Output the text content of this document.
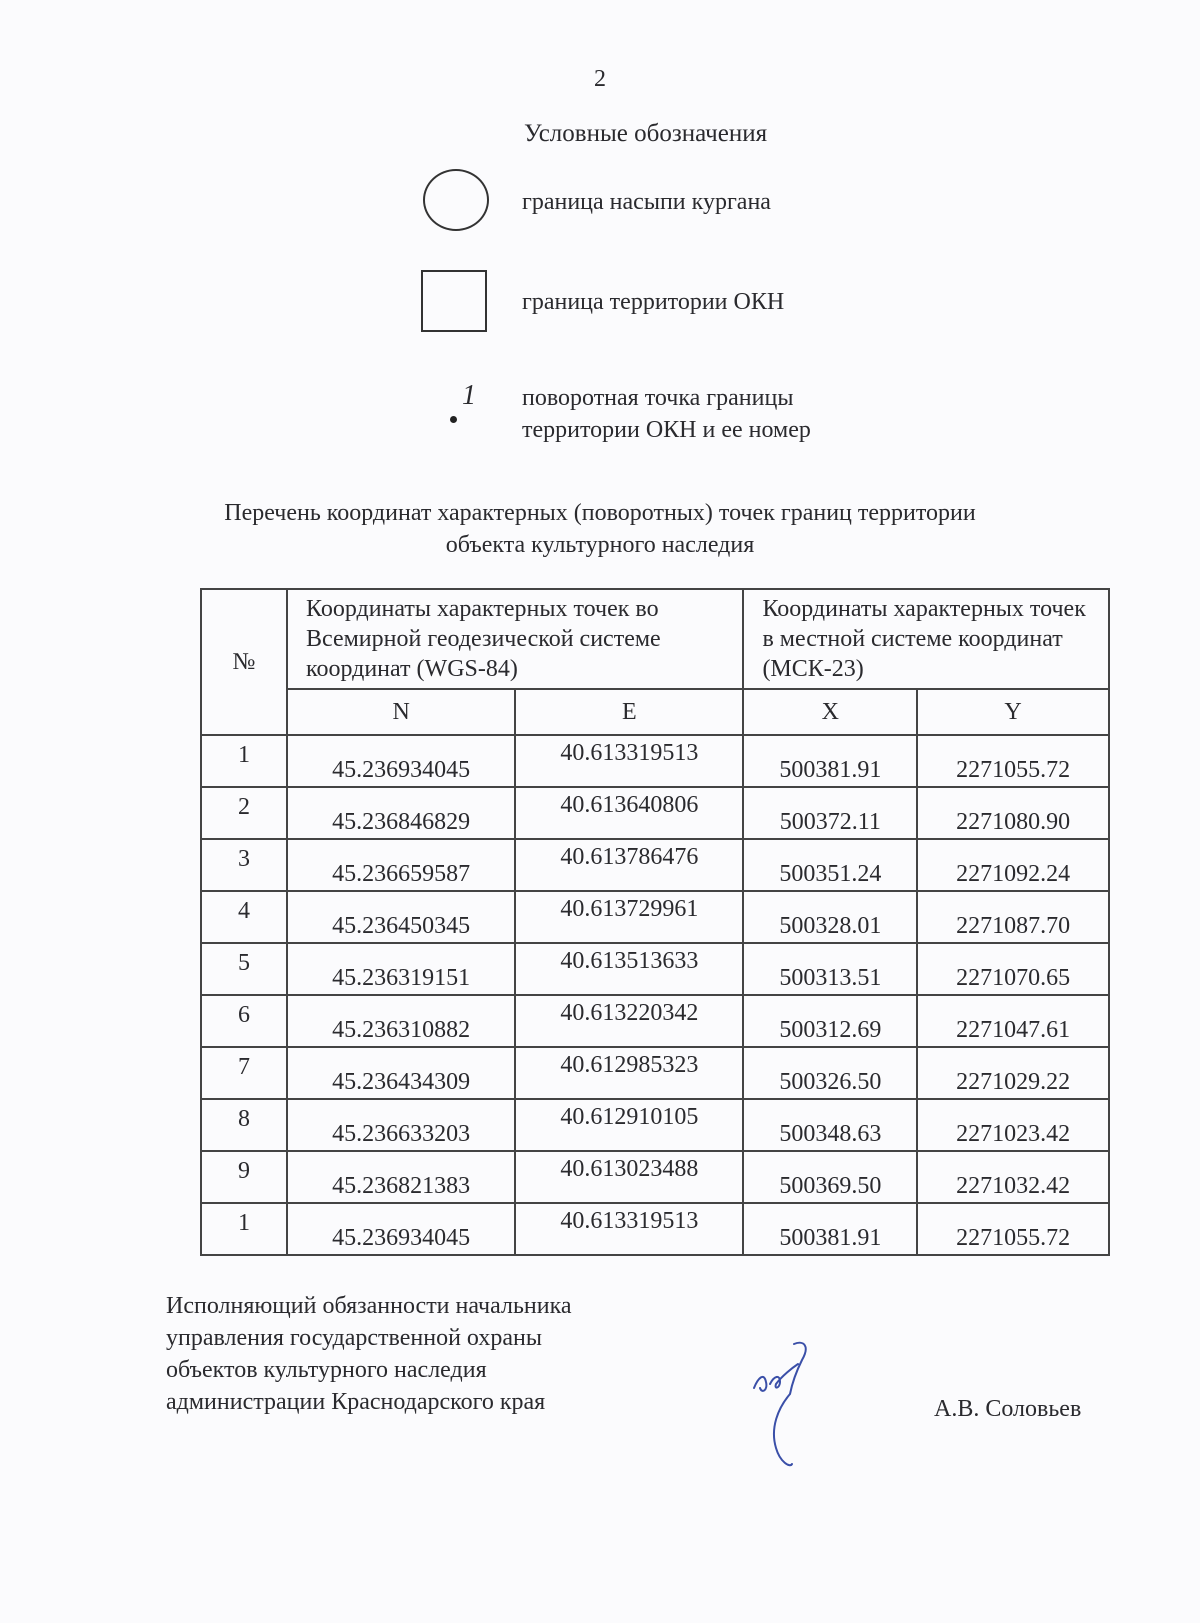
2
Условные обозначения
граница насыпи кургана
граница территории ОКН
1 поворотная точка границы
территории ОКН и ее номер
Перечень координат характерных (поворотных) точек границ территории
объекта культурного наследия
№	Координаты характерных точек во Всемирной геодезической системе координат (WGS-84)		Координаты характерных точек в местной системе координат (МСК-23)	
	N	E	X	Y
1	45.236934045	40.613319513	500381.91	2271055.72
2	45.236846829	40.613640806	500372.11	2271080.90
3	45.236659587	40.613786476	500351.24	2271092.24
4	45.236450345	40.613729961	500328.01	2271087.70
5	45.236319151	40.613513633	500313.51	2271070.65
6	45.236310882	40.613220342	500312.69	2271047.61
7	45.236434309	40.612985323	500326.50	2271029.22
8	45.236633203	40.612910105	500348.63	2271023.42
9	45.236821383	40.613023488	500369.50	2271032.42
1	45.236934045	40.613319513	500381.91	2271055.72
Исполняющий обязанности начальника
управления государственной охраны
объектов культурного наследия
администрации Краснодарского края	А.В. Соловьев
